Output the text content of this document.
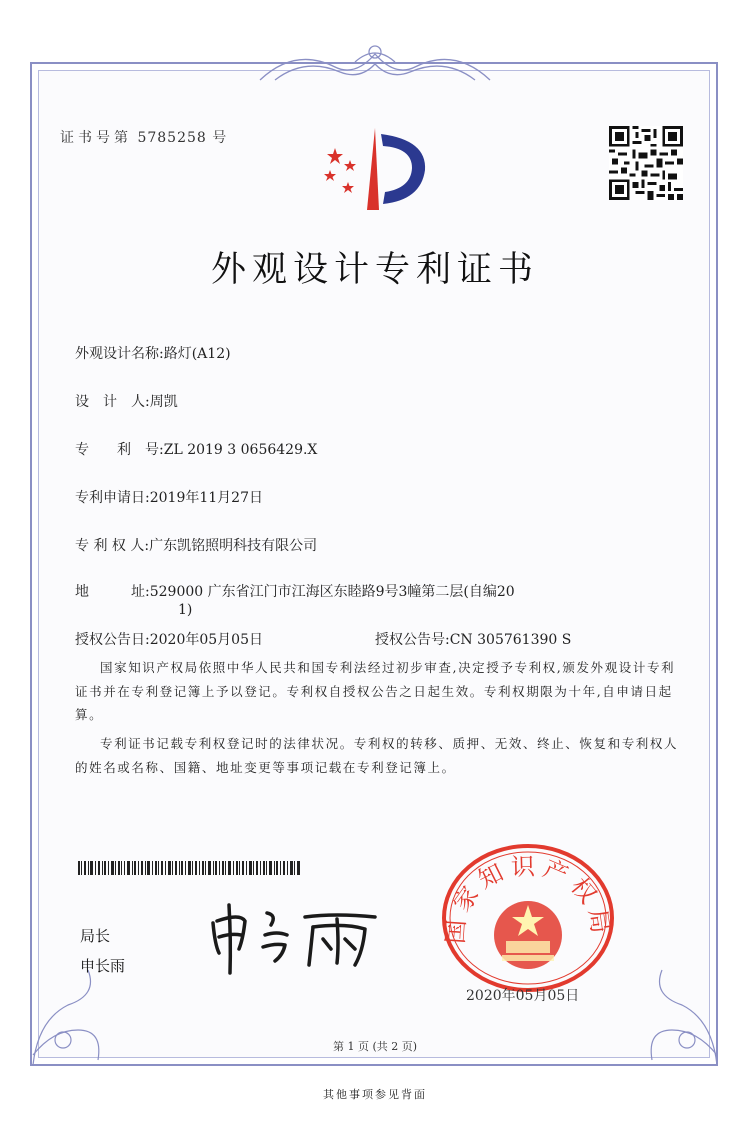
证书号第 5785258 号
外观设计专利证书
外观设计名称:路灯(A12)
设　计　人:周凯
专　　利　号:ZL 2019 3 0656429.X
专利申请日:2019年11月27日
专 利 权 人:广东凯铭照明科技有限公司
地　　　址:529000 广东省江门市江海区东睦路9号3幢第二层(自编20
1)
授权公告日:2020年05月05日	授权公告号:CN 305761390 S

国家知识产权局依照中华人民共和国专利法经过初步审查,决定授予专利权,颁发外观设计专利证书并在专利登记簿上予以登记。专利权自授权公告之日起生效。专利权期限为十年,自申请日起算。

专利证书记载专利权登记时的法律状况。专利权的转移、质押、无效、终止、恢复和专利权人的姓名或名称、国籍、地址变更等事项记载在专利登记簿上。

局长
申长雨
国家知识产权局
2020年05月05日
第 1 页 (共 2 页)
其他事项参见背面
